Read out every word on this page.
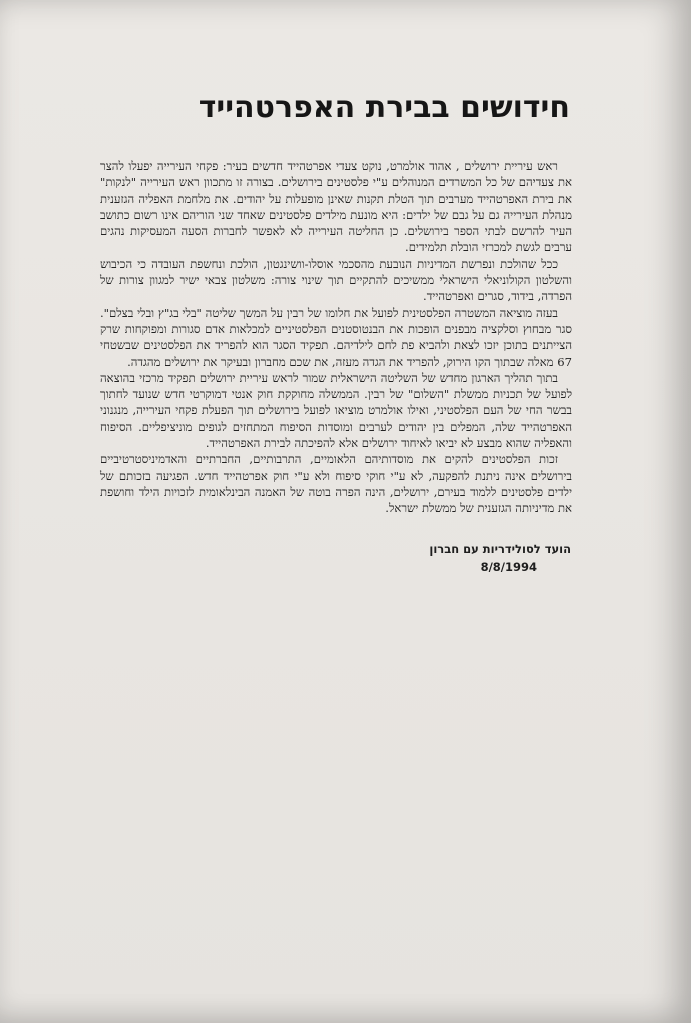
חידושים בבירת האפרטהייד

ראש עיריית ירושלים , אהוד אולמרט, נוקט צעדי אפרטהייד חדשים בעיר: פקחי העירייה יפעלו להצר את צעדיהם של כל המשרדים המנוהלים ע"י פלסטינים בירושלים. בצורה זו מתכוון ראש העירייה "לנקות" את בירת האפרטהייד מערבים תוך הטלת תקנות שאינן מופעלות על יהודים. את מלחמת האפליה הגזענית מנהלת העירייה גם על גבם של ילדים: היא מונעת מילדים פלסטינים שאחד שני הוריהם אינו רשום כתושב העיר להרשם לבתי הספר בירושלים. כן החליטה העירייה לא לאפשר לחברות הסעה המעסיקות נהגים ערבים לגשת למכרזי הובלת תלמידים.

ככל שהולכת ונפרשת המדיניות הנובעת מהסכמי אוסלו-וושינגטון, הולכת ונחשפת העובדה כי הכיבוש והשלטון הקולוניאלי הישראלי ממשיכים להתקיים תוך שינוי צורה: משלטון צבאי ישיר למגוון צורות של הפרדה, בידוד, סגרים ואפרטהייד.

בעזה מוציאה המשטרה הפלסטינית לפועל את חלומו של רבין על המשך שליטה "בלי בג"ץ ובלי בצלם". סגר מבחוץ וסלקציה מבפנים הופכות את הבנטוסטנים הפלסטיניים למכלאות אדם סגורות ומפוקחות שרק הצייתנים בתוכן יזכו לצאת ולהביא פת לחם לילדיהם. תפקיד הסגר הוא להפריד את הפלסטינים שבשטחי 67 מאלה שבתוך הקו הירוק, להפריד את הגדה מעזה, את שכם מחברון ובעיקר את ירושלים מהגדה.

בתוך תהליך הארגון מחדש של השליטה הישראלית שמור לראש עיריית ירושלים תפקיד מרכזי בהוצאה לפועל של תכניות ממשלת "השלום" של רבין. הממשלה מחוקקת חוק אנטי דמוקרטי חדש שנועד לחתוך בבשר החי של העם הפלסטיני, ואילו אולמרט מוציאו לפועל בירושלים תוך הפעלת פקחי העירייה, מנגנוני האפרטהייד שלה, המפלים בין יהודים לערבים ומוסדות הסיפוח המתחזים לגופים מוניציפליים. הסיפוח והאפליה שהוא מבצע לא יביאו לאיחוד ירושלים אלא להפיכתה לבירת האפרטהייד.

זכות הפלסטינים להקים את מוסדותיהם הלאומיים, התרבותיים, החברתיים והאדמיניסטרטיביים בירושלים אינה ניתנת להפקעה, לא ע"י חוקי סיפוח ולא ע"י חוק אפרטהייד חדש. הפגיעה בזכותם של ילדים פלסטינים ללמוד בעירם, ירושלים, הינה הפרה בוטה של האמנה הבינלאומית לזכויות הילד וחושפת את מדיניותה הגזענית של ממשלת ישראל.

הועד לסולידריות עם חברון

8/8/1994
